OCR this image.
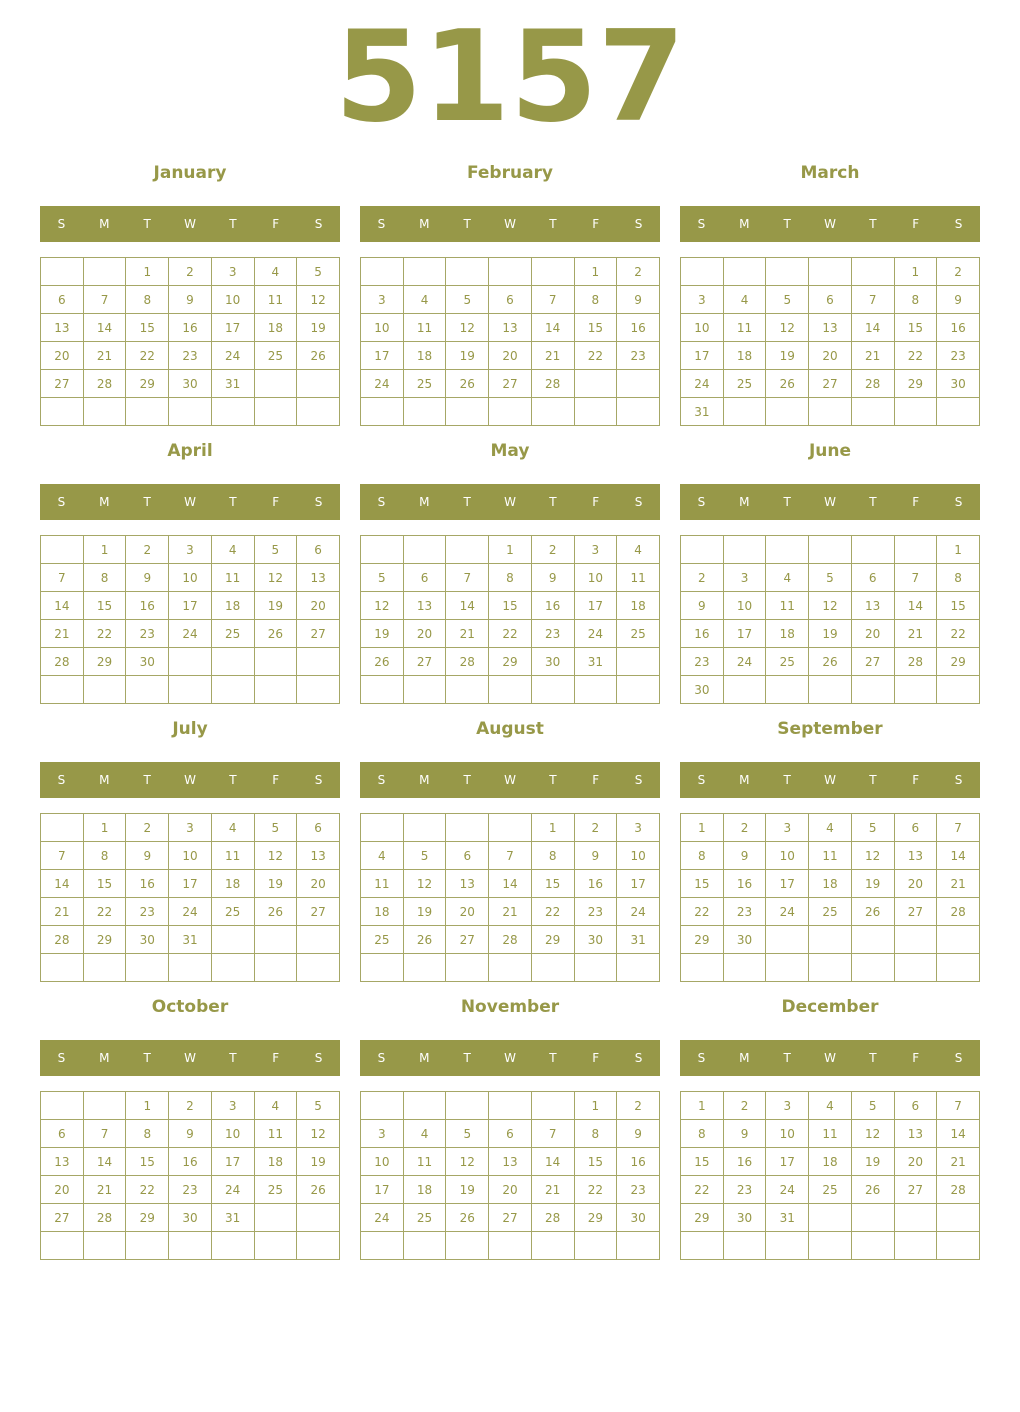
5157
January
S	M	T	W	T	F	S
		1	2	3	4	5
6	7	8	9	10	11	12
13	14	15	16	17	18	19
20	21	22	23	24	25	26
27	28	29	30	31		

February
S	M	T	W	T	F	S
					1	2
3	4	5	6	7	8	9
10	11	12	13	14	15	16
17	18	19	20	21	22	23
24	25	26	27	28		

March
S	M	T	W	T	F	S
					1	2
3	4	5	6	7	8	9
10	11	12	13	14	15	16
17	18	19	20	21	22	23
24	25	26	27	28	29	30
31						
April
S	M	T	W	T	F	S
	1	2	3	4	5	6
7	8	9	10	11	12	13
14	15	16	17	18	19	20
21	22	23	24	25	26	27
28	29	30				

May
S	M	T	W	T	F	S
			1	2	3	4
5	6	7	8	9	10	11
12	13	14	15	16	17	18
19	20	21	22	23	24	25
26	27	28	29	30	31	

June
S	M	T	W	T	F	S
						1
2	3	4	5	6	7	8
9	10	11	12	13	14	15
16	17	18	19	20	21	22
23	24	25	26	27	28	29
30						
July
S	M	T	W	T	F	S
	1	2	3	4	5	6
7	8	9	10	11	12	13
14	15	16	17	18	19	20
21	22	23	24	25	26	27
28	29	30	31			

August
S	M	T	W	T	F	S
				1	2	3
4	5	6	7	8	9	10
11	12	13	14	15	16	17
18	19	20	21	22	23	24
25	26	27	28	29	30	31

September
S	M	T	W	T	F	S
1	2	3	4	5	6	7
8	9	10	11	12	13	14
15	16	17	18	19	20	21
22	23	24	25	26	27	28
29	30					

October
S	M	T	W	T	F	S
		1	2	3	4	5
6	7	8	9	10	11	12
13	14	15	16	17	18	19
20	21	22	23	24	25	26
27	28	29	30	31		

November
S	M	T	W	T	F	S
					1	2
3	4	5	6	7	8	9
10	11	12	13	14	15	16
17	18	19	20	21	22	23
24	25	26	27	28	29	30

December
S	M	T	W	T	F	S
1	2	3	4	5	6	7
8	9	10	11	12	13	14
15	16	17	18	19	20	21
22	23	24	25	26	27	28
29	30	31				
